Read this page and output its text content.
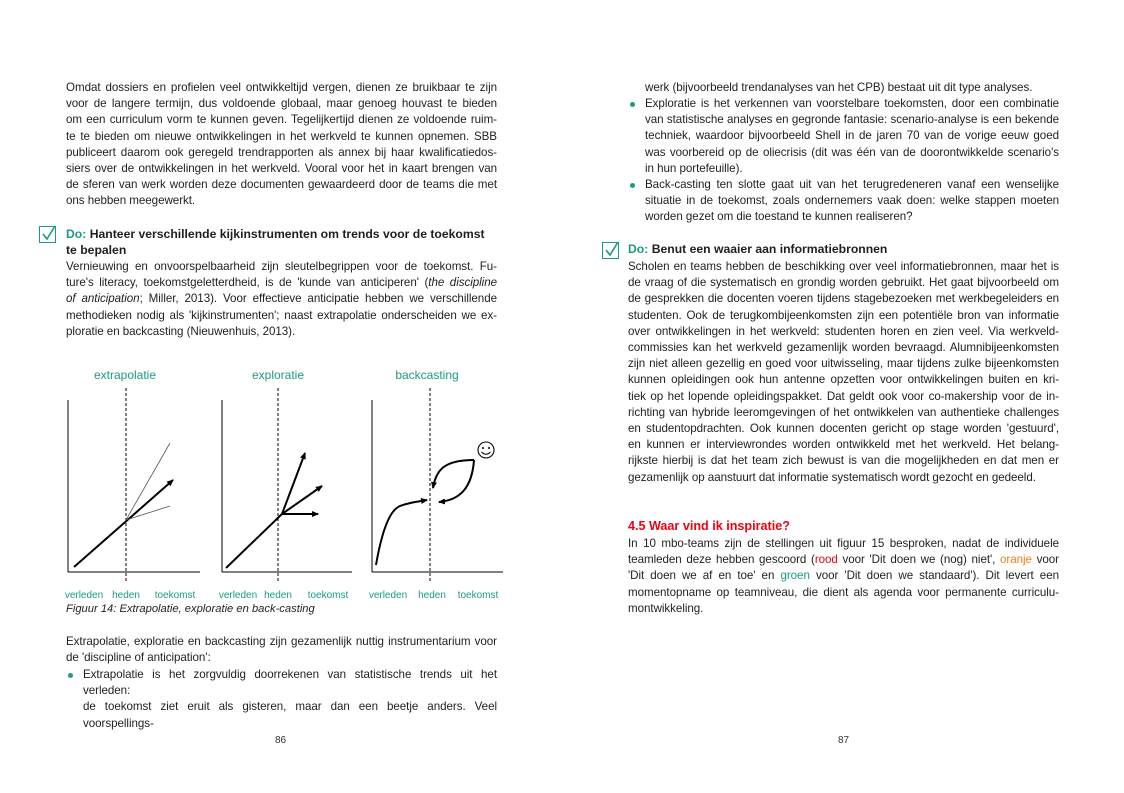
Omdat dossiers en profielen veel ontwikkeltijd vergen, dienen ze bruikbaar te zijn
voor de langere termijn, dus voldoende globaal, maar genoeg houvast te bieden
om een curriculum vorm te kunnen geven. Tegelijkertijd dienen ze voldoende ruim-
te te bieden om nieuwe ontwikkelingen in het werkveld te kunnen opnemen. SBB
publiceert daarom ook geregeld trendrapporten als annex bij haar kwalificatiedos-
siers over de ontwikkelingen in het werkveld. Vooral voor het in kaart brengen van
de sferen van werk worden deze documenten gewaardeerd door de teams die met
ons hebben meegewerkt.
Do: Hanteer verschillende kijkinstrumenten om trends voor de toekomst
te bepalen
Vernieuwing en onvoorspelbaarheid zijn sleutelbegrippen voor de toekomst. Fu-
ture's literacy, toekomstgeletterdheid, is de 'kunde van anticiperen' (the discipline
of anticipation; Miller, 2013). Voor effectieve anticipatie hebben we verschillende
methodieken nodig als 'kijkinstrumenten'; naast extrapolatie onderscheiden we ex-
ploratie en backcasting (Nieuwenhuis, 2013).
extrapolatie	exploratie	backcasting
verleden heden toekomst verleden heden toekomst verleden heden toekomst
Figuur 14: Extrapolatie, exploratie en back-casting
Extrapolatie, exploratie en backcasting zijn gezamenlijk nuttig instrumentarium voor
de 'discipline of anticipation':
Extrapolatie is het zorgvuldig doorrekenen van statistische trends uit het verleden:
de toekomst ziet eruit als gisteren, maar dan een beetje anders. Veel voorspellings-
86
werk (bijvoorbeeld trendanalyses van het CPB) bestaat uit dit type analyses.
Exploratie is het verkennen van voorstelbare toekomsten, door een combinatie
van statistische analyses en gegronde fantasie: scenario-analyse is een bekende
techniek, waardoor bijvoorbeeld Shell in de jaren 70 van de vorige eeuw goed
was voorbereid op de oliecrisis (dit was één van de doorontwikkelde scenario's
in hun portefeuille).
Back-casting ten slotte gaat uit van het terugredeneren vanaf een wenselijke
situatie in de toekomst, zoals ondernemers vaak doen: welke stappen moeten
worden gezet om die toestand te kunnen realiseren?
Do: Benut een waaier aan informatiebronnen
Scholen en teams hebben de beschikking over veel informatiebronnen, maar het is
de vraag of die systematisch en grondig worden gebruikt. Het gaat bijvoorbeeld om
de gesprekken die docenten voeren tijdens stagebezoeken met werkbegeleiders en
studenten. Ook de terugkombijeenkomsten zijn een potentiële bron van informatie
over ontwikkelingen in het werkveld: studenten horen en zien veel. Via werkveld-
commissies kan het werkveld gezamenlijk worden bevraagd. Alumnibijeenkomsten
zijn niet alleen gezellig en goed voor uitwisseling, maar tijdens zulke bijeenkomsten
kunnen opleidingen ook hun antenne opzetten voor ontwikkelingen buiten en kri-
tiek op het lopende opleidingspakket. Dat geldt ook voor co-makership voor de in-
richting van hybride leeromgevingen of het ontwikkelen van authentieke challenges
en studentopdrachten. Ook kunnen docenten gericht op stage worden 'gestuurd',
en kunnen er interviewrondes worden ontwikkeld met het werkveld. Het belang-
rijkste hierbij is dat het team zich bewust is van die mogelijkheden en dat men er
gezamenlijk op aanstuurt dat informatie systematisch wordt gezocht en gedeeld.
4.5 Waar vind ik inspiratie?
In 10 mbo-teams zijn de stellingen uit figuur 15 besproken, nadat de individuele
teamleden deze hebben gescoord (rood voor 'Dit doen we (nog) niet', oranje voor
'Dit doen we af en toe' en groen voor 'Dit doen we standaard'). Dit levert een
momentopname op teamniveau, die dient als agenda voor permanente curriculu-
montwikkeling.
87
